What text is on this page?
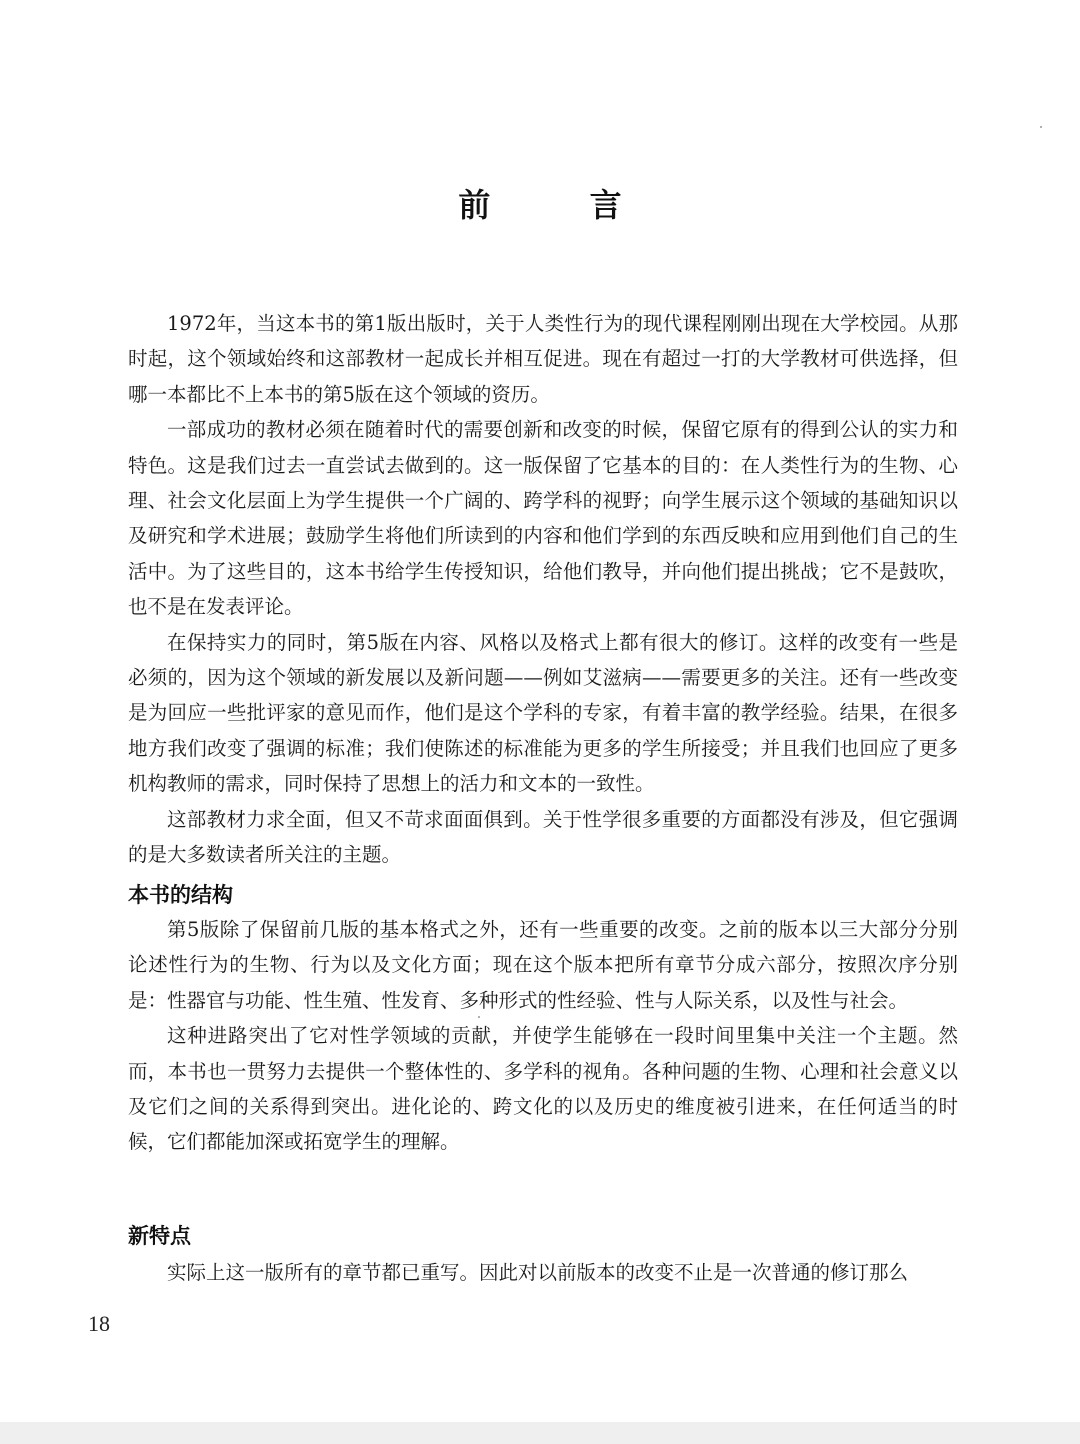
前 言

1972年，当这本书的第1版出版时，关于人类性行为的现代课程刚刚出现在大学校园。从那时起，这个领域始终和这部教材一起成长并相互促进。现在有超过一打的大学教材可供选择，但哪一本都比不上本书的第5版在这个领域的资历。

一部成功的教材必须在随着时代的需要创新和改变的时候，保留它原有的得到公认的实力和特色。这是我们过去一直尝试去做到的。这一版保留了它基本的目的：在人类性行为的生物、心理、社会文化层面上为学生提供一个广阔的、跨学科的视野；向学生展示这个领域的基础知识以及研究和学术进展；鼓励学生将他们所读到的内容和他们学到的东西反映和应用到他们自己的生活中。为了这些目的，这本书给学生传授知识，给他们教导，并向他们提出挑战；它不是鼓吹，也不是在发表评论。

在保持实力的同时，第5版在内容、风格以及格式上都有很大的修订。这样的改变有一些是必须的，因为这个领域的新发展以及新问题——例如艾滋病——需要更多的关注。还有一些改变是为回应一些批评家的意见而作，他们是这个学科的专家，有着丰富的教学经验。结果，在很多地方我们改变了强调的标准；我们使陈述的标准能为更多的学生所接受；并且我们也回应了更多机构教师的需求，同时保持了思想上的活力和文本的一致性。

这部教材力求全面，但又不苛求面面俱到。关于性学很多重要的方面都没有涉及，但它强调的是大多数读者所关注的主题。

本书的结构

第5版除了保留前几版的基本格式之外，还有一些重要的改变。之前的版本以三大部分分别论述性行为的生物、行为以及文化方面；现在这个版本把所有章节分成六部分，按照次序分别是：性器官与功能、性生殖、性发育、多种形式的性经验、性与人际关系，以及性与社会。

这种进路突出了它对性学领域的贡献，并使学生能够在一段时间里集中关注一个主题。然而，本书也一贯努力去提供一个整体性的、多学科的视角。各种问题的生物、心理和社会意义以及它们之间的关系得到突出。进化论的、跨文化的以及历史的维度被引进来，在任何适当的时候，它们都能加深或拓宽学生的理解。

新特点

实际上这一版所有的章节都已重写。因此对以前版本的改变不止是一次普通的修订那么

18
